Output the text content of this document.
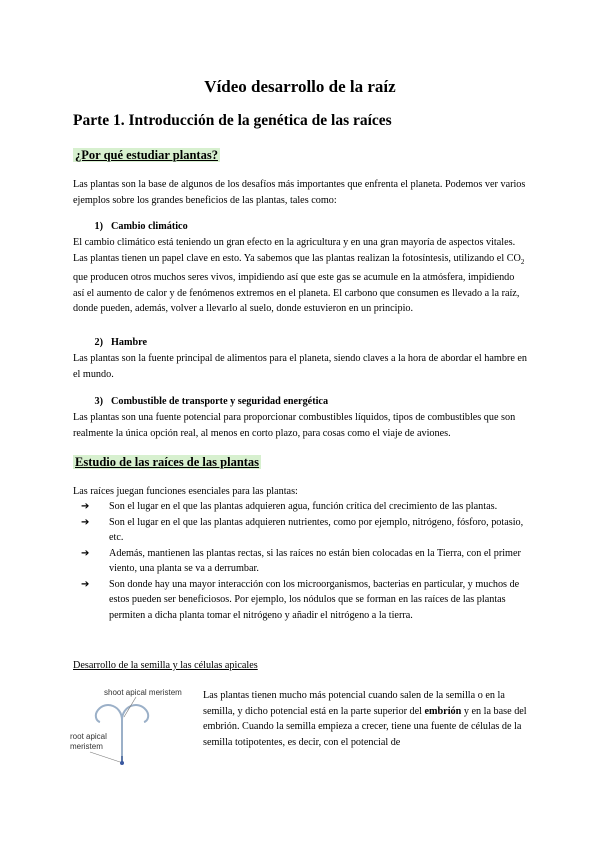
Vídeo desarrollo de la raíz
Parte 1. Introducción de la genética de las raíces
¿Por qué estudiar plantas?
Las plantas son la base de algunos de los desafíos más importantes que enfrenta el planeta. Podemos ver varios ejemplos sobre los grandes beneficios de las plantas, tales como:
1) Cambio climático
El cambio climático está teniendo un gran efecto en la agricultura y en una gran mayoría de aspectos vitales. Las plantas tienen un papel clave en esto. Ya sabemos que las plantas realizan la fotosíntesis, utilizando el $CO_2$ que producen otros muchos seres vivos, impidiendo así que este gas se acumule en la atmósfera, impidiendo así el aumento de calor y de fenómenos extremos en el planeta. El carbono que consumen es llevado a la raíz, donde pueden, además, volver a llevarlo al suelo, donde estuvieron en un principio.
2) Hambre
Las plantas son la fuente principal de alimentos para el planeta, siendo claves a la hora de abordar el hambre en el mundo.
3) Combustible de transporte y seguridad energética
Las plantas son una fuente potencial para proporcionar combustibles líquidos, tipos de combustibles que son realmente la única opción real, al menos en corto plazo, para cosas como el viaje de aviones.
Estudio de las raíces de las plantas
Las raíces juegan funciones esenciales para las plantas:
➔ Son el lugar en el que las plantas adquieren agua, función crítica del crecimiento de las plantas.
➔ Son el lugar en el que las plantas adquieren nutrientes, como por ejemplo, nitrógeno, fósforo, potasio, etc.
➔ Además, mantienen las plantas rectas, si las raíces no están bien colocadas en la Tierra, con el primer viento, una planta se va a derrumbar.
➔ Son donde hay una mayor interacción con los microorganismos, bacterias en particular, y muchos de estos pueden ser beneficiosos. Por ejemplo, los nódulos que se forman en las raíces de las plantas permiten a dicha planta tomar el nitrógeno y añadir el nitrógeno a la tierra.
Desarrollo de la semilla y las células apicales
shoot apical meristem
root apical
meristem
Las plantas tienen mucho más potencial cuando salen de la semilla o en la semilla, y dicho potencial está en la parte superior del embrión y en la base del embrión. Cuando la semilla empieza a crecer, tiene una fuente de células de la semilla totipotentes, es decir, con el potencial de
